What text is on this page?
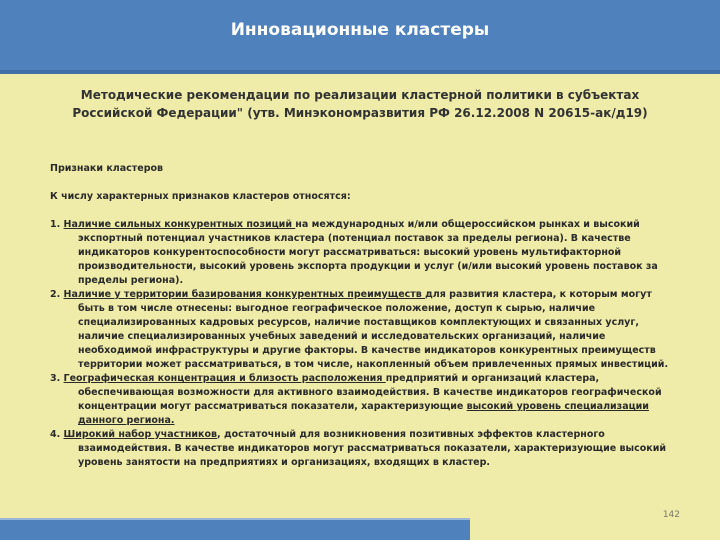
Инновационные кластеры
Методические рекомендации по реализации кластерной политики в субъектах
Российской Федерации" (утв. Минэкономразвития РФ 26.12.2008 N 20615-ак/д19)

Признаки кластеров

К числу характерных признаков кластеров относятся:

1. Наличие сильных конкурентных позиций на международных и/или общероссийском рынках и высокий экспортный потенциал участников кластера (потенциал поставок за пределы региона). В качестве индикаторов конкурентоспособности могут рассматриваться: высокий уровень мультифакторной производительности, высокий уровень экспорта продукции и услуг (и/или высокий уровень поставок за пределы региона).

2. Наличие у территории базирования конкурентных преимуществ для развития кластера, к которым могут быть в том числе отнесены: выгодное географическое положение, доступ к сырью, наличие специализированных кадровых ресурсов, наличие поставщиков комплектующих и связанных услуг, наличие специализированных учебных заведений и исследовательских организаций, наличие необходимой инфраструктуры и другие факторы. В качестве индикаторов конкурентных преимуществ территории может рассматриваться, в том числе, накопленный объем привлеченных прямых инвестиций.

3. Географическая концентрация и близость расположения предприятий и организаций кластера, обеспечивающая возможности для активного взаимодействия. В качестве индикаторов географической концентрации могут рассматриваться показатели, характеризующие высокий уровень специализации данного региона.

4. Широкий набор участников, достаточный для возникновения позитивных эффектов кластерного взаимодействия. В качестве индикаторов могут рассматриваться показатели, характеризующие высокий уровень занятости на предприятиях и организациях, входящих в кластер.

142
